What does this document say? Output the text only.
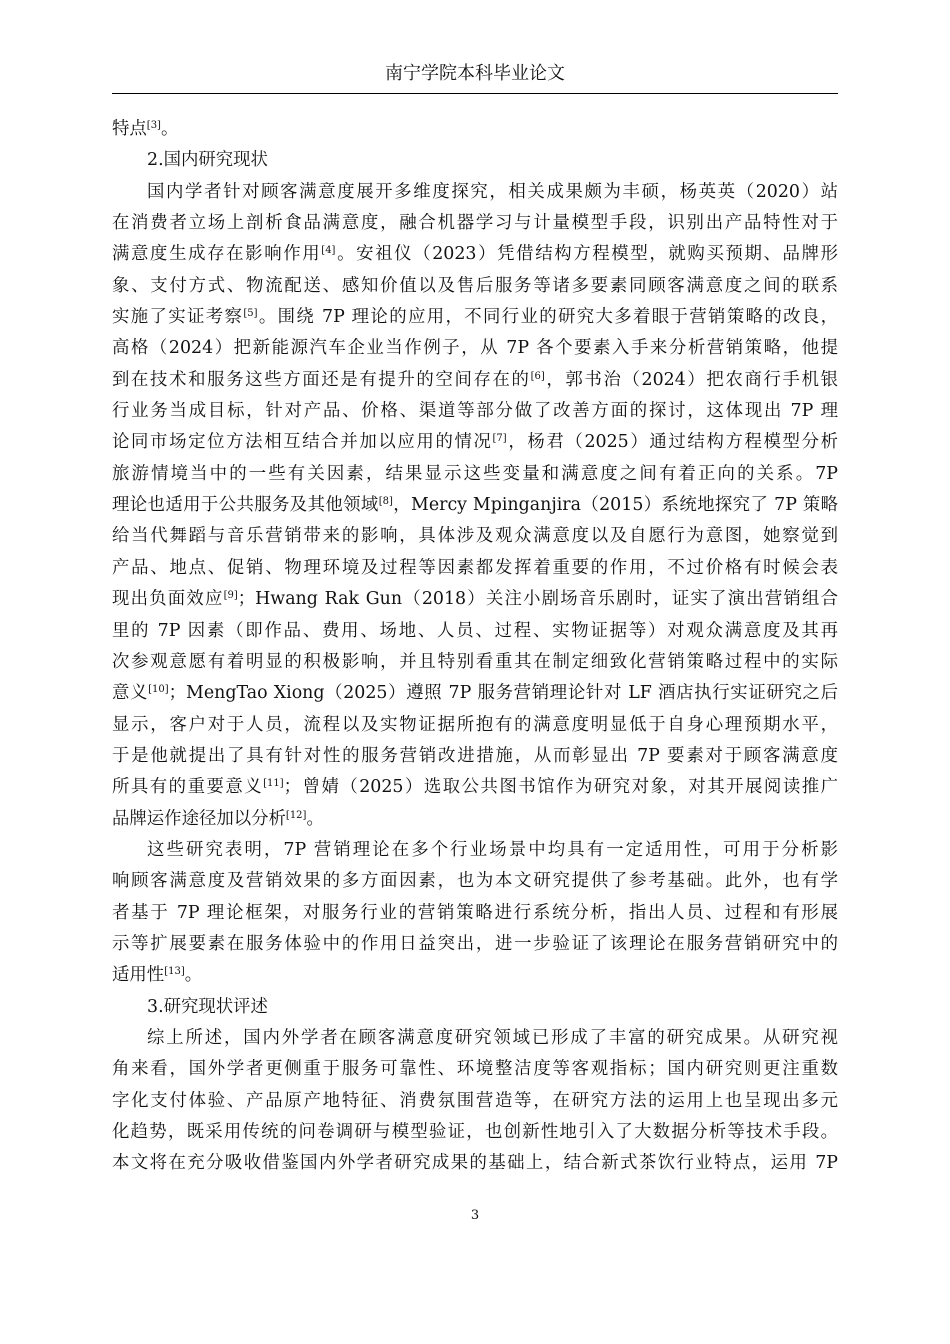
南宁学院本科毕业论文
特点[3]。
2.国内研究现状
国内学者针对顾客满意度展开多维度探究，相关成果颇为丰硕，杨英英（2020）站
在消费者立场上剖析食品满意度，融合机器学习与计量模型手段，识别出产品特性对于
满意度生成存在影响作用[4]。安祖仪（2023）凭借结构方程模型，就购买预期、品牌形
象、支付方式、物流配送、感知价值以及售后服务等诸多要素同顾客满意度之间的联系
实施了实证考察[5]。围绕 7P 理论的应用，不同行业的研究大多着眼于营销策略的改良，
高格（2024）把新能源汽车企业当作例子，从 7P 各个要素入手来分析营销策略，他提
到在技术和服务这些方面还是有提升的空间存在的[6]，郭书治（2024）把农商行手机银
行业务当成目标，针对产品、价格、渠道等部分做了改善方面的探讨，这体现出 7P 理
论同市场定位方法相互结合并加以应用的情况[7]，杨君（2025）通过结构方程模型分析
旅游情境当中的一些有关因素，结果显示这些变量和满意度之间有着正向的关系。7P
理论也适用于公共服务及其他领域[8]，Mercy Mpinganjira（2015）系统地探究了 7P 策略
给当代舞蹈与音乐营销带来的影响，具体涉及观众满意度以及自愿行为意图，她察觉到
产品、地点、促销、物理环境及过程等因素都发挥着重要的作用，不过价格有时候会表
现出负面效应[9]；Hwang Rak Gun（2018）关注小剧场音乐剧时，证实了演出营销组合
里的 7P 因素（即作品、费用、场地、人员、过程、实物证据等）对观众满意度及其再
次参观意愿有着明显的积极影响，并且特别看重其在制定细致化营销策略过程中的实际
意义[10]；MengTao Xiong（2025）遵照 7P 服务营销理论针对 LF 酒店执行实证研究之后
显示，客户对于人员，流程以及实物证据所抱有的满意度明显低于自身心理预期水平，
于是他就提出了具有针对性的服务营销改进措施，从而彰显出 7P 要素对于顾客满意度
所具有的重要意义[11]；曾婧（2025）选取公共图书馆作为研究对象，对其开展阅读推广
品牌运作途径加以分析[12]。
这些研究表明，7P 营销理论在多个行业场景中均具有一定适用性，可用于分析影
响顾客满意度及营销效果的多方面因素，也为本文研究提供了参考基础。此外，也有学
者基于 7P 理论框架，对服务行业的营销策略进行系统分析，指出人员、过程和有形展
示等扩展要素在服务体验中的作用日益突出，进一步验证了该理论在服务营销研究中的
适用性[13]。
3.研究现状评述
综上所述，国内外学者在顾客满意度研究领域已形成了丰富的研究成果。从研究视
角来看，国外学者更侧重于服务可靠性、环境整洁度等客观指标；国内研究则更注重数
字化支付体验、产品原产地特征、消费氛围营造等，在研究方法的运用上也呈现出多元
化趋势，既采用传统的问卷调研与模型验证，也创新性地引入了大数据分析等技术手段。
本文将在充分吸收借鉴国内外学者研究成果的基础上，结合新式茶饮行业特点，运用 7P
3
